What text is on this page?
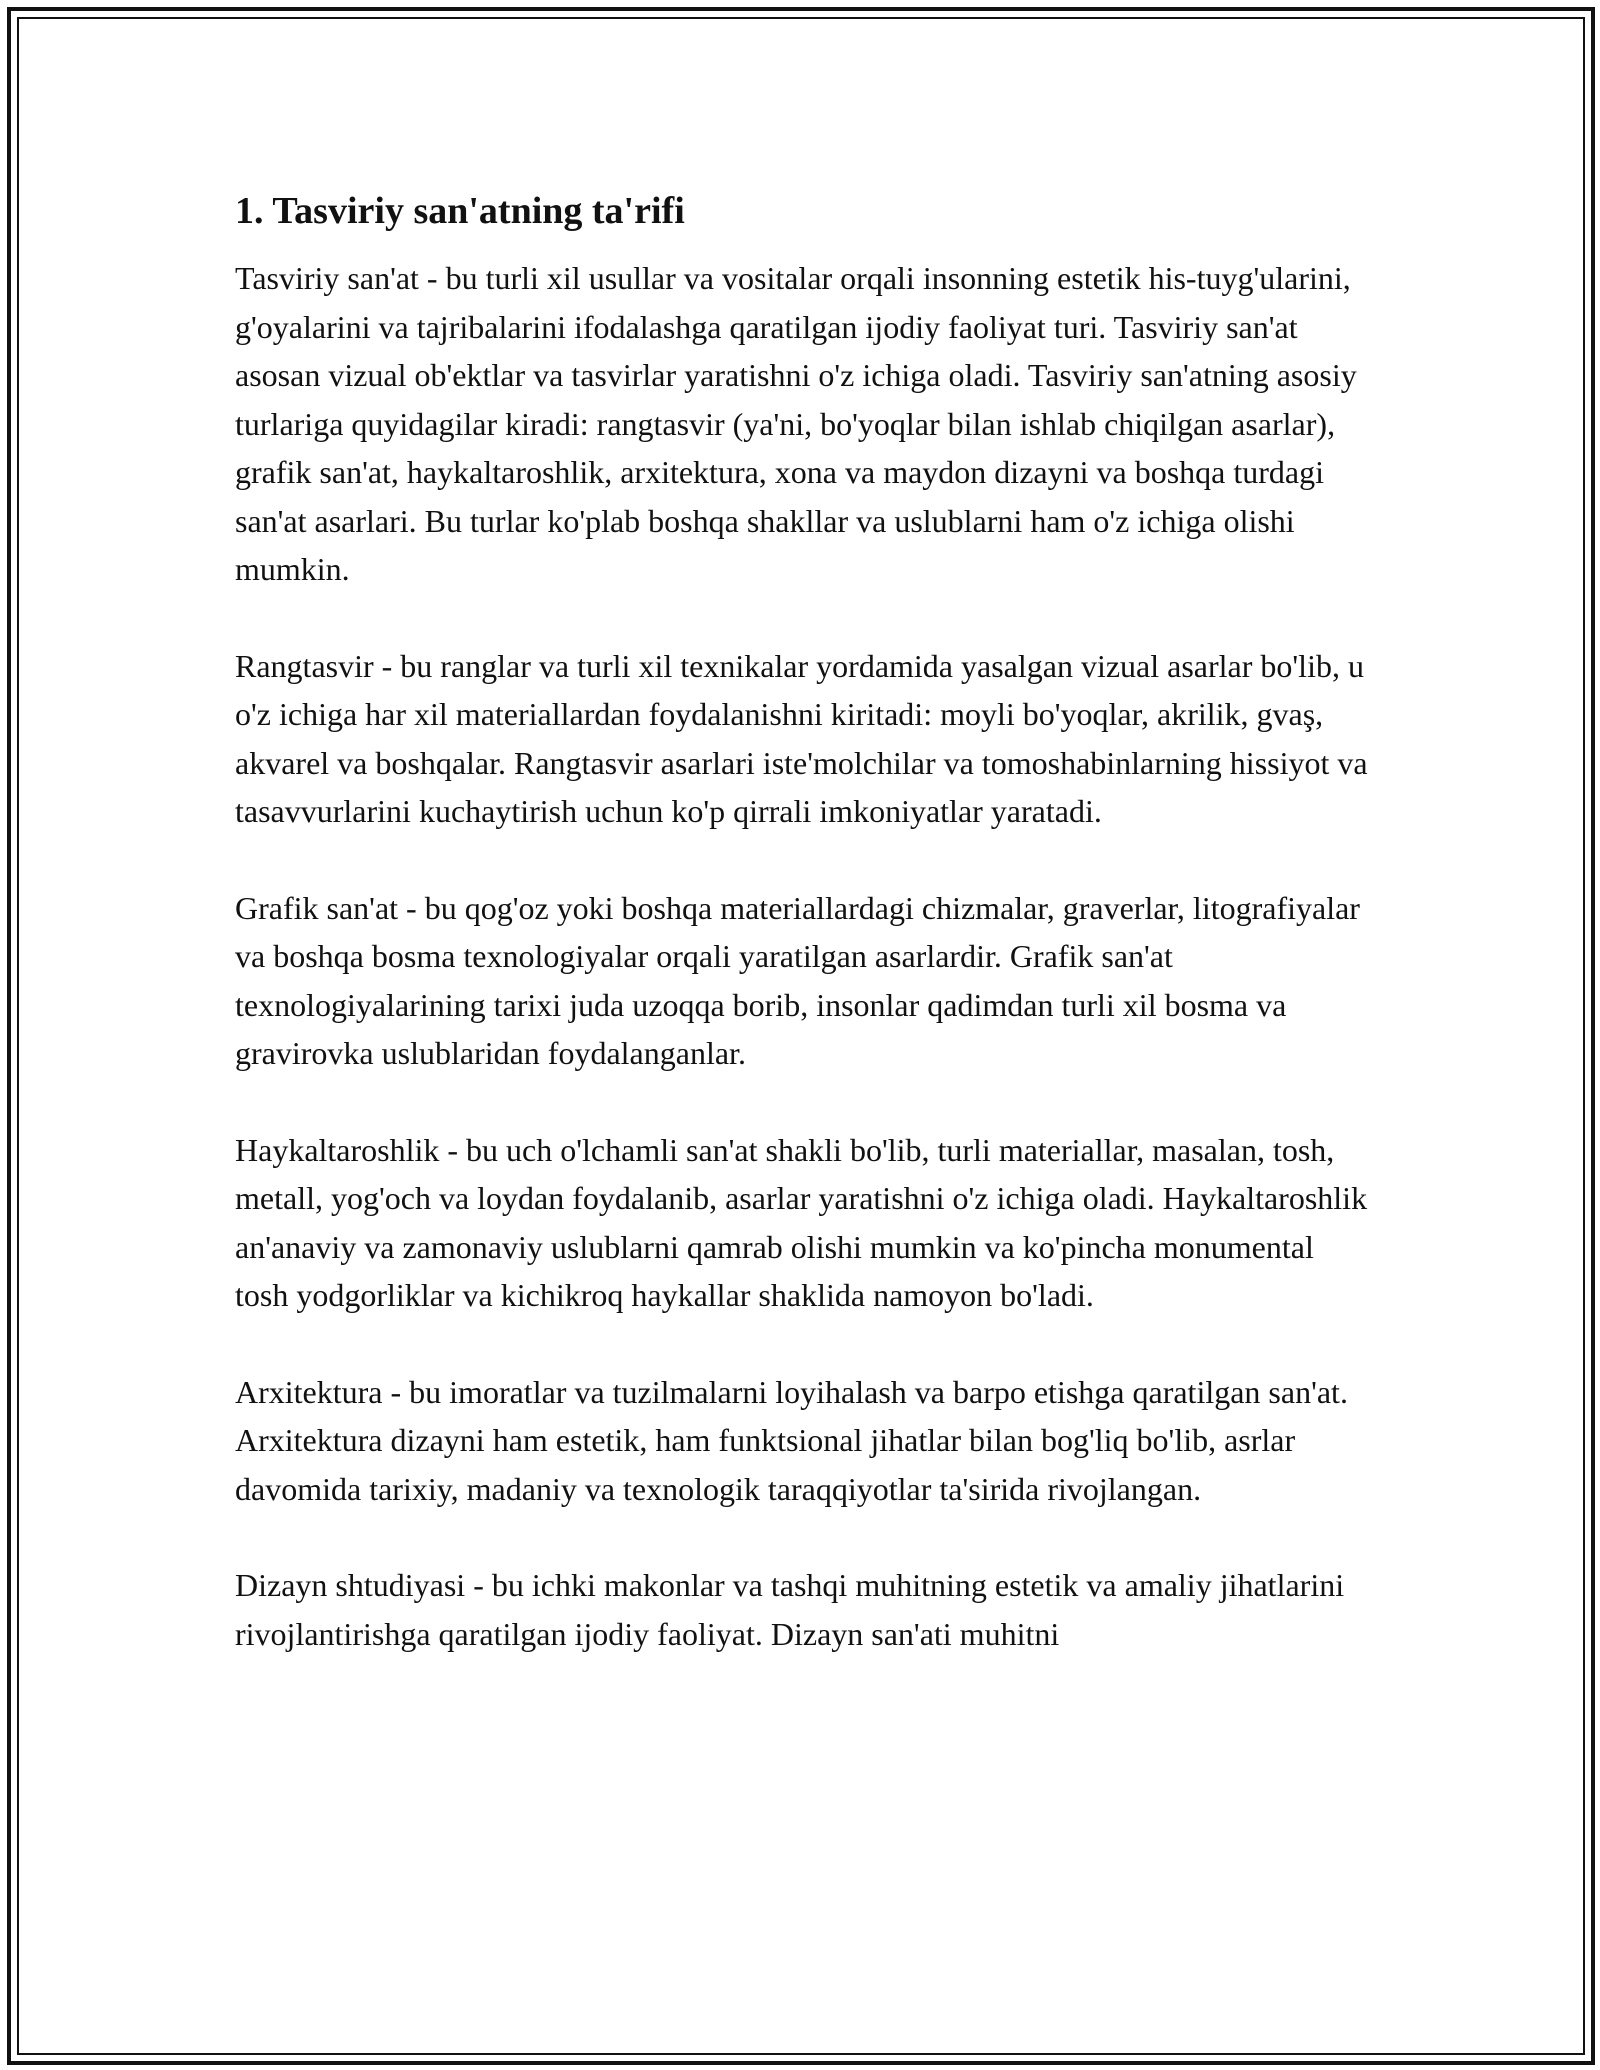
1. Tasviriy san'atning ta'rifi

Tasviriy san'at - bu turli xil usullar va vositalar orqali insonning estetik his-tuyg'ularini, g'oyalarini va tajribalarini ifodalashga qaratilgan ijodiy faoliyat turi. Tasviriy san'at asosan vizual ob'ektlar va tasvirlar yaratishni o'z ichiga oladi. Tasviriy san'atning asosiy turlariga quyidagilar kiradi: rangtasvir (ya'ni, bo'yoqlar bilan ishlab chiqilgan asarlar), grafik san'at, haykaltaroshlik, arxitektura, xona va maydon dizayni va boshqa turdagi san'at asarlari. Bu turlar ko'plab boshqa shakllar va uslublarni ham o'z ichiga olishi mumkin.

Rangtasvir - bu ranglar va turli xil texnikalar yordamida yasalgan vizual asarlar bo'lib, u o'z ichiga har xil materiallardan foydalanishni kiritadi: moyli bo'yoqlar, akrilik, gvaş, akvarel va boshqalar. Rangtasvir asarlari iste'molchilar va tomoshabinlarning hissiyot va tasavvurlarini kuchaytirish uchun ko'p qirrali imkoniyatlar yaratadi.

Grafik san'at - bu qog'oz yoki boshqa materiallardagi chizmalar, graverlar, litografiyalar va boshqa bosma texnologiyalar orqali yaratilgan asarlardir. Grafik san'at texnologiyalarining tarixi juda uzoqqa borib, insonlar qadimdan turli xil bosma va gravirovka uslublaridan foydalanganlar.

Haykaltaroshlik - bu uch o'lchamli san'at shakli bo'lib, turli materiallar, masalan, tosh, metall, yog'och va loydan foydalanib, asarlar yaratishni o'z ichiga oladi. Haykaltaroshlik an'anaviy va zamonaviy uslublarni qamrab olishi mumkin va ko'pincha monumental tosh yodgorliklar va kichikroq haykallar shaklida namoyon bo'ladi.

Arxitektura - bu imoratlar va tuzilmalarni loyihalash va barpo etishga qaratilgan san'at. Arxitektura dizayni ham estetik, ham funktsional jihatlar bilan bog'liq bo'lib, asrlar davomida tarixiy, madaniy va texnologik taraqqiyotlar ta'sirida rivojlangan.

Dizayn shtudiyasi - bu ichki makonlar va tashqi muhitning estetik va amaliy jihatlarini rivojlantirishga qaratilgan ijodiy faoliyat. Dizayn san'ati muhitni
